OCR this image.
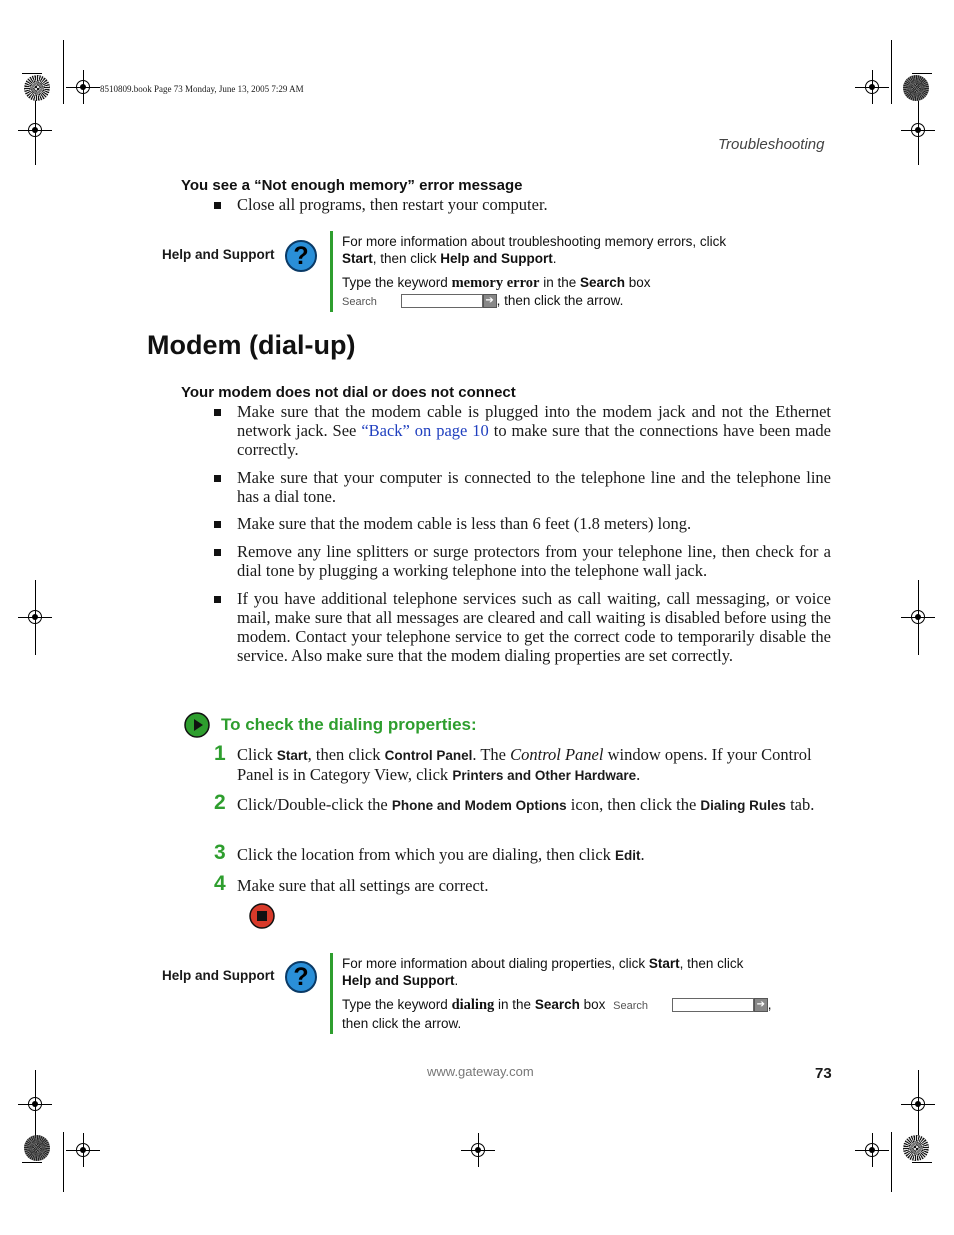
8510809.book Page 73 Monday, June 13, 2005 7:29 AM
Troubleshooting
You see a “Not enough memory” error message
Close all programs, then restart your computer.
Help and Support ?
For more information about troubleshooting memory errors, click
Start, then click Help and Support.
Type the keyword memory error in the Search box
Search	➔ , then click the arrow.
Modem (dial-up)
Your modem does not dial or does not connect
Make sure that the modem cable is plugged into the modem jack and not the Ethernet network jack. See “Back” on page 10 to make sure that the connections have been made correctly.
Make sure that your computer is connected to the telephone line and the telephone line has a dial tone.
Make sure that the modem cable is less than 6 feet (1.8 meters) long.
Remove any line splitters or surge protectors from your telephone line, then check for a dial tone by plugging a working telephone into the telephone wall jack.
If you have additional telephone services such as call waiting, call messaging, or voice mail, make sure that all messages are cleared and call waiting is disabled before using the modem. Contact your telephone service to get the correct code to temporarily disable the service. Also make sure that the modem dialing properties are set correctly.
To check the dialing properties:
1 Click Start, then click Control Panel. The Control Panel window opens. If your Control Panel is in Category View, click Printers and Other Hardware.
2 Click/Double-click the Phone and Modem Options icon, then click the Dialing Rules tab.
3 Click the location from which you are dialing, then click Edit.
4 Make sure that all settings are correct.
Help and Support ?	For more information about dialing properties, click Start, then click
Help and Support.
Type the keyword dialing in the Search box Search	➔ ,
then click the arrow.
www.gateway.com	73
